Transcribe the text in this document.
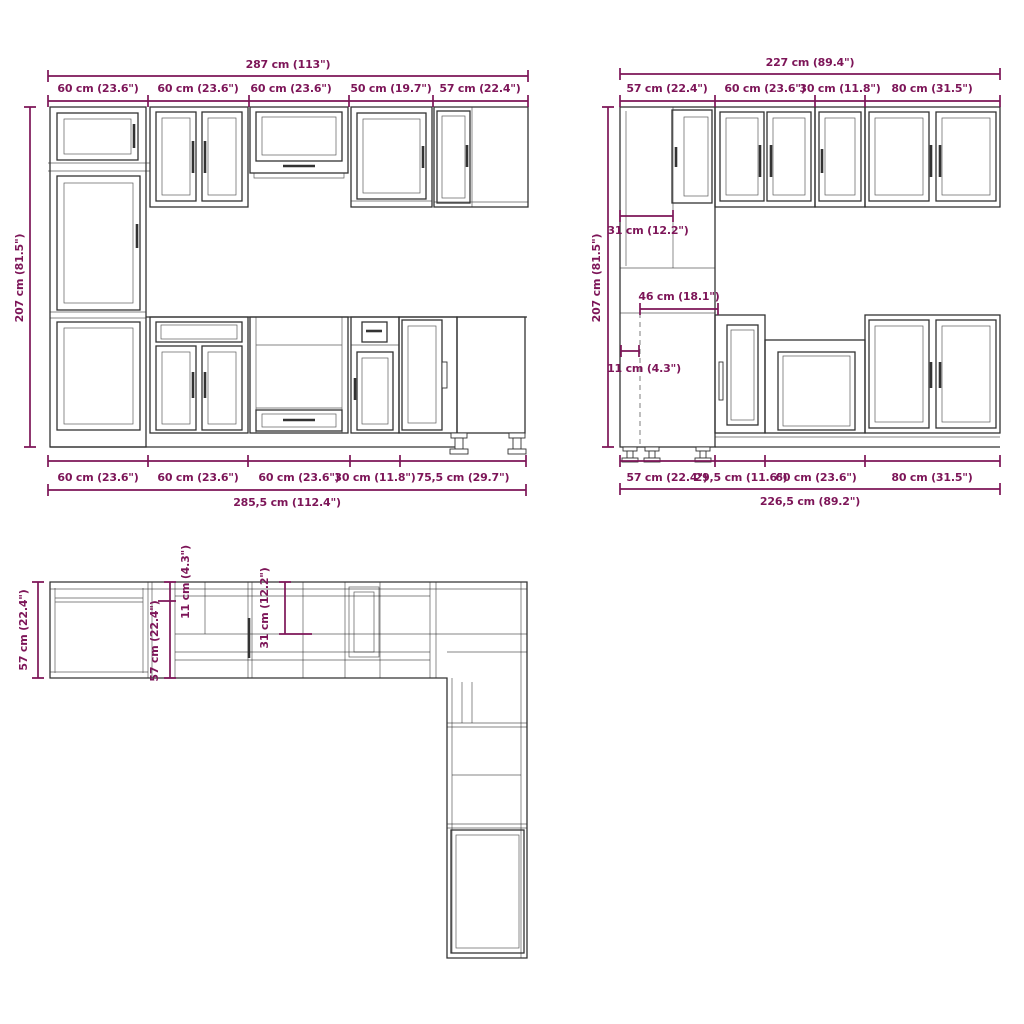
287 cm (113")
60 cm (23.6") 60 cm (23.6") 60 cm (23.6") 50 cm (19.7") 57 cm (22.4")
207 cm (81.5")
60 cm (23.6") 60 cm (23.6") 60 cm (23.6")
30 cm (11.8") 75,5 cm (29.7")
285,5 cm (112.4")
227 cm (89.4")
57 cm (22.4") 60 cm (23.6")
30 cm (11.8") 80 cm (31.5")
207 cm (81.5")
31 cm (12.2")
46 cm (18.1")
11 cm (4.3")
57 cm (22.4")
29,5 cm (11.6")
60 cm (23.6")	80 cm (31.5")
226,5 cm (89.2")
57 cm (22.4")	57 cm (22.4")
11 cm (4.3")	31 cm (12.2")
